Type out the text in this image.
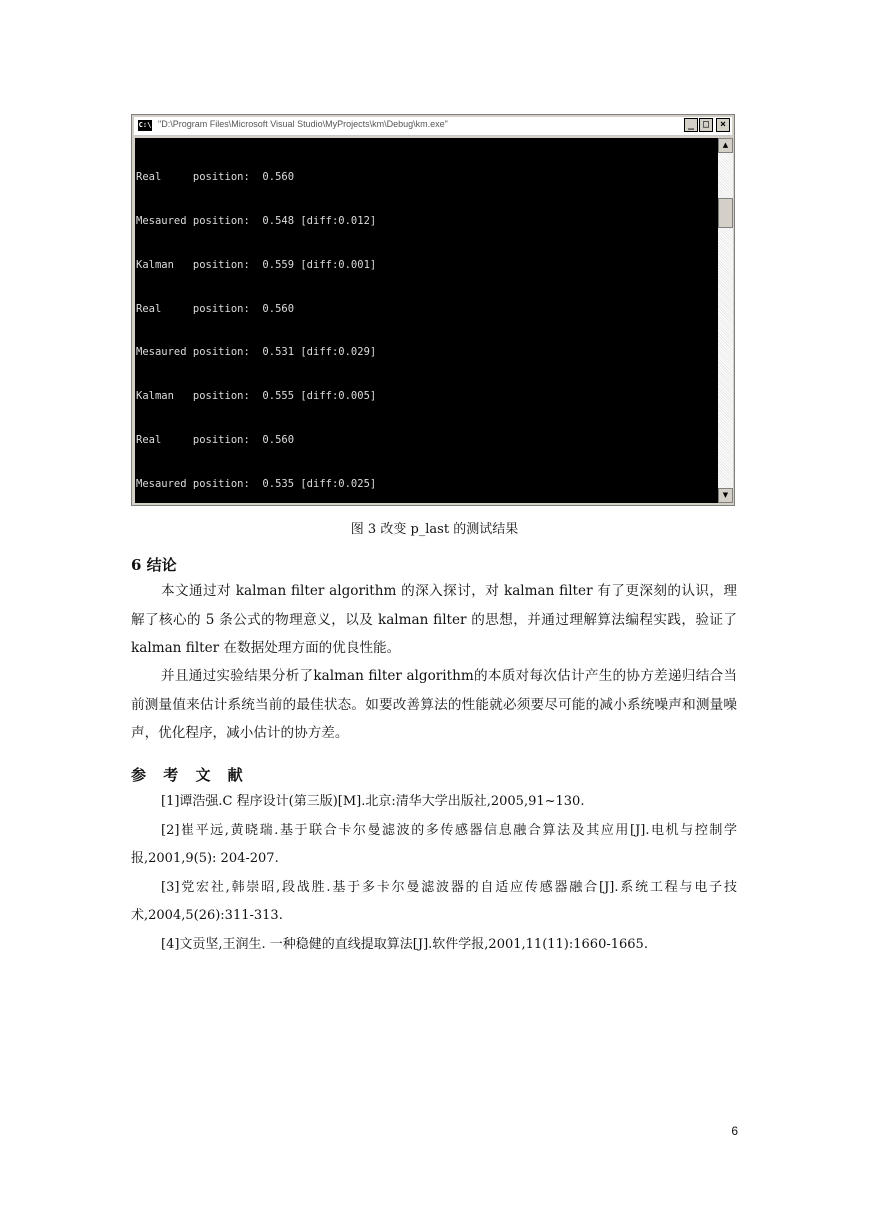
C:\ "D:\Program Files\Microsoft Visual Studio\MyProjects\km\Debug\km.exe"	_ □	×

Real     position:  0.560

Mesaured position:  0.548 [diff:0.012]

Kalman   position:  0.559 [diff:0.001]

Real     position:  0.560

Mesaured position:  0.531 [diff:0.029]

Kalman   position:  0.555 [diff:0.005]

Real     position:  0.560

Mesaured position:  0.535 [diff:0.025]

▲
▼
图 3 改变 p_last 的测试结果
6 结论

本文通过对 kalman filter algorithm 的深入探讨，对 kalman filter 有了更深刻的认识，理解了核心的 5 条公式的物理意义，以及 kalman filter 的思想，并通过理解算法编程实践，验证了 kalman filter 在数据处理方面的优良性能。

并且通过实验结果分析了kalman filter algorithm的本质对每次估计产生的协方差递归结合当前测量值来估计系统当前的最佳状态。如要改善算法的性能就必须要尽可能的减小系统噪声和测量噪声，优化程序，减小估计的协方差。

参 考 文 献
[1]谭浩强.C 程序设计(第三版)[M].北京:清华大学出版社,2005,91~130.
[2]崔平远,黄晓瑞.基于联合卡尔曼滤波的多传感器信息融合算法及其应用[J].电机与控制学报,2001,9(5): 204-207.
[3]党宏社,韩崇昭,段战胜.基于多卡尔曼滤波器的自适应传感器融合[J].系统工程与电子技术,2004,5(26):311-313.
[4]文贡坚,王润生. 一种稳健的直线提取算法[J].软件学报,2001,11(11):1660-1665.
6
